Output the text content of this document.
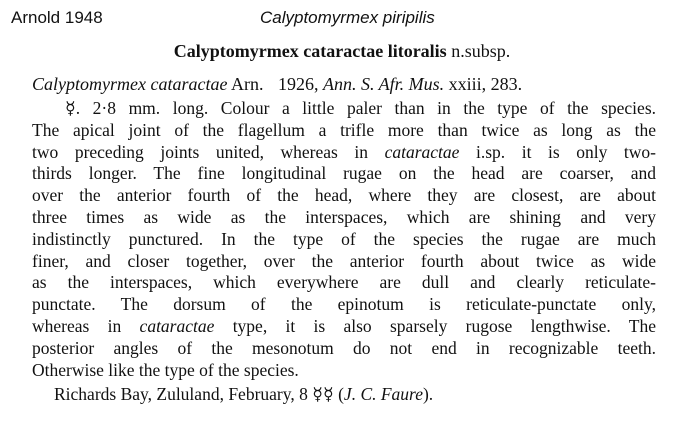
Arnold 1948	Calyptomyrmex piripilis
Calyptomyrmex cataractae litoralis n.subsp.
Calyptomyrmex cataractae Arn. 1926, Ann. S. Afr. Mus. xxiii, 283.
☿. 2·8 mm. long. Colour a little paler than in the type of the species.
The apical joint of the flagellum a trifle more than twice as long as the
two preceding joints united, whereas in cataractae i.sp. it is only two-
thirds longer. The fine longitudinal rugae on the head are coarser, and
over the anterior fourth of the head, where they are closest, are about
three times as wide as the interspaces, which are shining and very
indistinctly punctured. In the type of the species the rugae are much
finer, and closer together, over the anterior fourth about twice as wide
as the interspaces, which everywhere are dull and clearly reticulate-
punctate. The dorsum of the epinotum is reticulate-punctate only,
whereas in cataractae type, it is also sparsely rugose lengthwise. The
posterior angles of the mesonotum do not end in recognizable teeth.
Otherwise like the type of the species.
Richards Bay, Zululand, February, 8 ☿☿ (J. C. Faure).
